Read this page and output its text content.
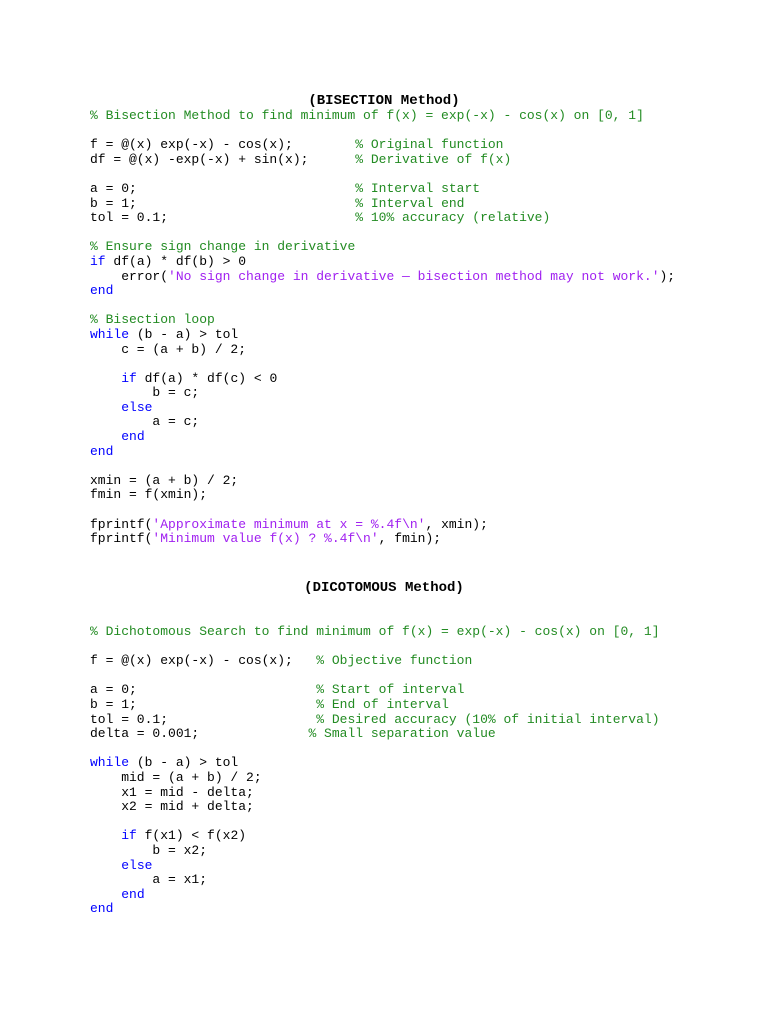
(BISECTION Method)
% Bisection Method to find minimum of f(x) = exp(-x) - cos(x) on [0, 1]
f = @(x) exp(-x) - cos(x);        % Original function
df = @(x) -exp(-x) + sin(x);      % Derivative of f(x)
a = 0;                            % Interval start
b = 1;                            % Interval end
tol = 0.1;                        % 10% accuracy (relative)
% Ensure sign change in derivative
if df(a) * df(b) > 0
error('No sign change in derivative — bisection method may not work.');
end
% Bisection loop
while (b - a) > tol
c = (a + b) / 2;
if df(a) * df(c) < 0
b = c;
else
a = c;
end
end
xmin = (a + b) / 2;
fmin = f(xmin);
fprintf('Approximate minimum at x = %.4f\n', xmin);
fprintf('Minimum value f(x) ? %.4f\n', fmin);
(DICOTOMOUS Method)
% Dichotomous Search to find minimum of f(x) = exp(-x) - cos(x) on [0, 1]
f = @(x) exp(-x) - cos(x);   % Objective function
a = 0;                       % Start of interval
b = 1;                       % End of interval
tol = 0.1;                   % Desired accuracy (10% of initial interval)
delta = 0.001;              % Small separation value
while (b - a) > tol
mid = (a + b) / 2;
x1 = mid - delta;
x2 = mid + delta;
if f(x1) < f(x2)
b = x2;
else
a = x1;
end
end
